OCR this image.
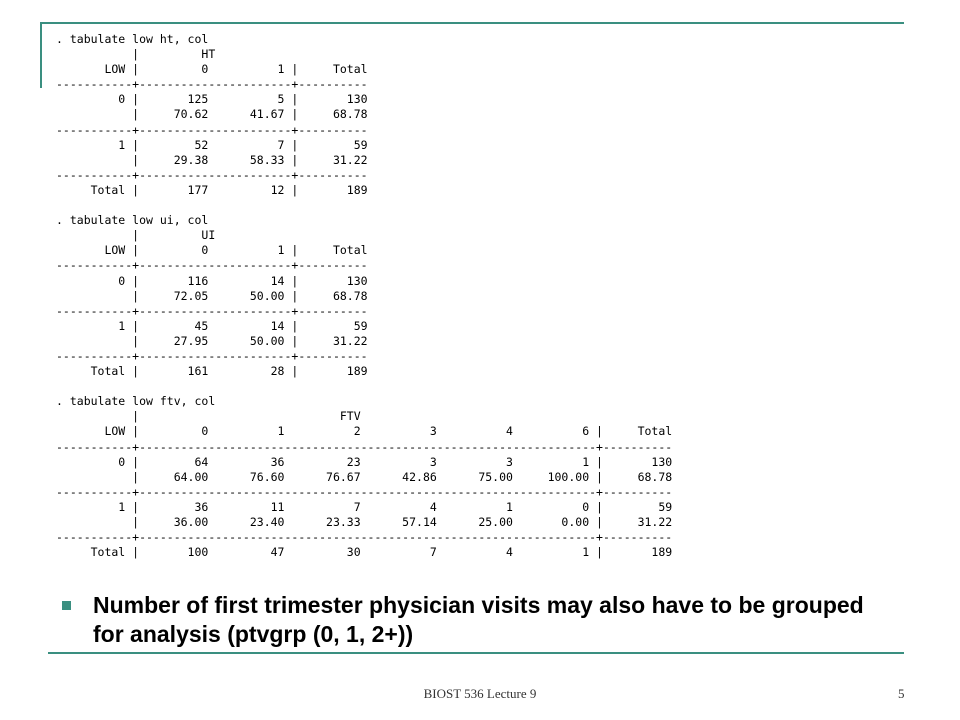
. tabulate low ht, col
|         HT
LOW |         0          1 |     Total
-----------+----------------------+----------
0 |       125          5 |       130
|     70.62      41.67 |     68.78
-----------+----------------------+----------
1 |        52          7 |        59
|     29.38      58.33 |     31.22
-----------+----------------------+----------
Total |       177         12 |       189

. tabulate low ui, col
|         UI
LOW |         0          1 |     Total
-----------+----------------------+----------
0 |       116         14 |       130
|     72.05      50.00 |     68.78
-----------+----------------------+----------
1 |        45         14 |        59
|     27.95      50.00 |     31.22
-----------+----------------------+----------
Total |       161         28 |       189

. tabulate low ftv, col
|                             FTV
LOW |         0          1          2          3          4          6 |     Total
-----------+------------------------------------------------------------------+----------
0 |        64         36         23          3          3          1 |       130
|     64.00      76.60      76.67      42.86      75.00     100.00 |     68.78
-----------+------------------------------------------------------------------+----------
1 |        36         11          7          4          1          0 |        59
|     36.00      23.40      23.33      57.14      25.00       0.00 |     31.22
-----------+------------------------------------------------------------------+----------
Total |       100         47         30          7          4          1 |       189

Number of first trimester physician visits may also have to be grouped for analysis (ptvgrp (0, 1, 2+))
BIOST 536 Lecture 9	5
